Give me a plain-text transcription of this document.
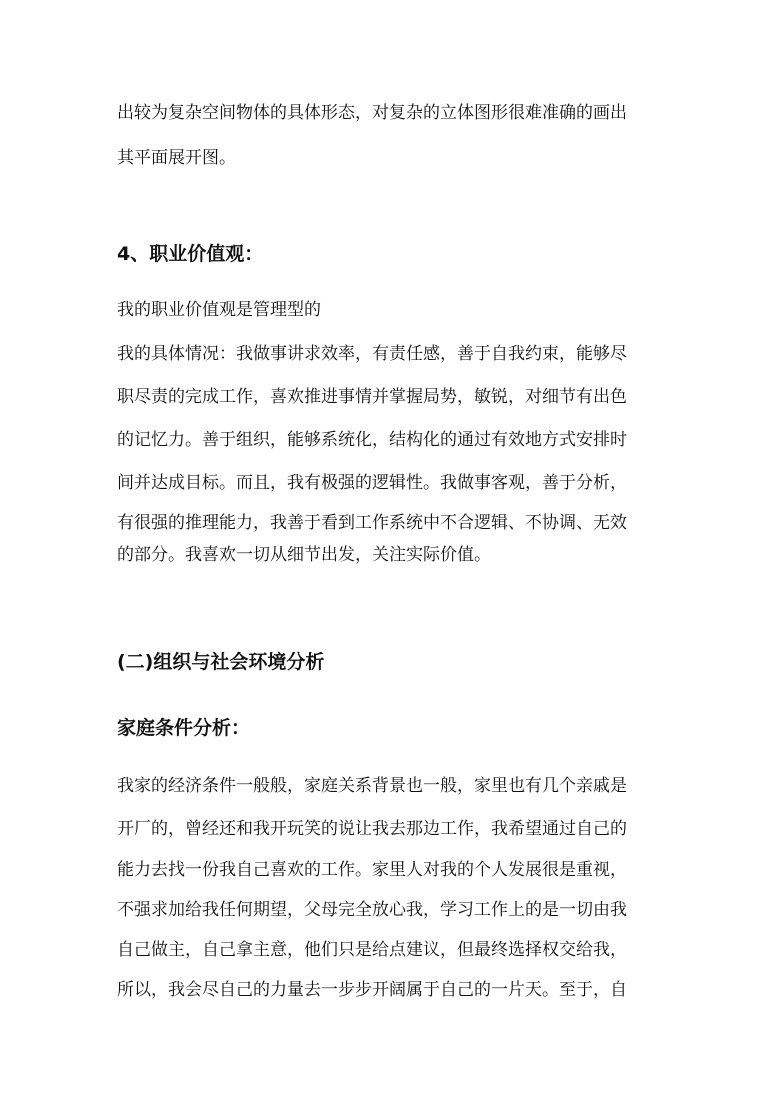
出较为复杂空间物体的具体形态，对复杂的立体图形很难准确的画出
其平面展开图。
4、职业价值观：
我的职业价值观是管理型的
我的具体情况：我做事讲求效率，有责任感，善于自我约束，能够尽
职尽责的完成工作，喜欢推进事情并掌握局势，敏锐，对细节有出色
的记忆力。善于组织，能够系统化，结构化的通过有效地方式安排时
间并达成目标。而且，我有极强的逻辑性。我做事客观，善于分析，
有很强的推理能力，我善于看到工作系统中不合逻辑、不协调、无效
的部分。我喜欢一切从细节出发，关注实际价值。
(二)组织与社会环境分析
家庭条件分析：
我家的经济条件一般般，家庭关系背景也一般，家里也有几个亲戚是
开厂的，曾经还和我开玩笑的说让我去那边工作，我希望通过自己的
能力去找一份我自己喜欢的工作。家里人对我的个人发展很是重视，
不强求加给我任何期望，父母完全放心我，学习工作上的是一切由我
自己做主，自己拿主意，他们只是给点建议，但最终选择权交给我，
所以，我会尽自己的力量去一步步开阔属于自己的一片天。至于，自
